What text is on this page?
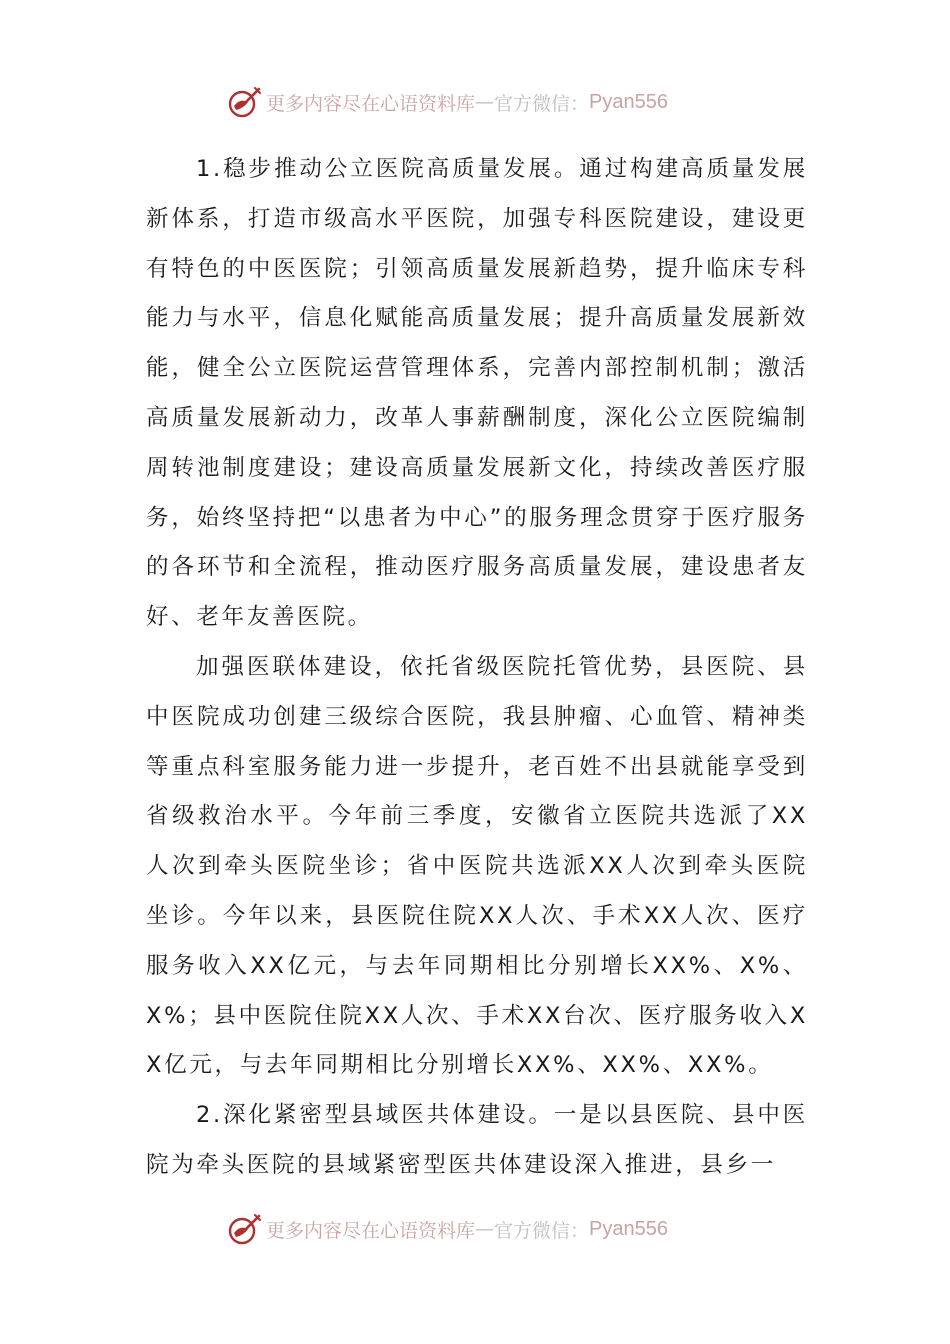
更多内容尽在心语资料库 — 官方微信： Pyan556

1.稳步推动公立医院高质量发展。通过构建高质量发展新体系，打造市级高水平医院，加强专科医院建设，建设更有特色的中医医院；引领高质量发展新趋势，提升临床专科能力与水平，信息化赋能高质量发展；提升高质量发展新效能，健全公立医院运营管理体系，完善内部控制机制；激活高质量发展新动力，改革人事薪酬制度，深化公立医院编制周转池制度建设；建设高质量发展新文化，持续改善医疗服务，始终坚持把“以患者为中心”的服务理念贯穿于医疗服务的各环节和全流程，推动医疗服务高质量发展，建设患者友好、老年友善医院。

加强医联体建设，依托省级医院托管优势，县医院、县中医院成功创建三级综合医院，我县肿瘤、心血管、精神类等重点科室服务能力进一步提升，老百姓不出县就能享受到省级救治水平。今年前三季度，安徽省立医院共选派了XX人次到牵头医院坐诊；省中医院共选派XX人次到牵头医院坐诊。今年以来，县医院住院XX人次、手术XX人次、医疗服务收入XX亿元，与去年同期相比分别增长XX%、X%、X%；县中医院住院XX人次、手术XX台次、医疗服务收入XX亿元，与去年同期相比分别增长XX%、XX%、XX%。

2.深化紧密型县域医共体建设。一是以县医院、县中医院为牵头医院的县域紧密型医共体建设深入推进，县乡一

更多内容尽在心语资料库 — 官方微信： Pyan556
